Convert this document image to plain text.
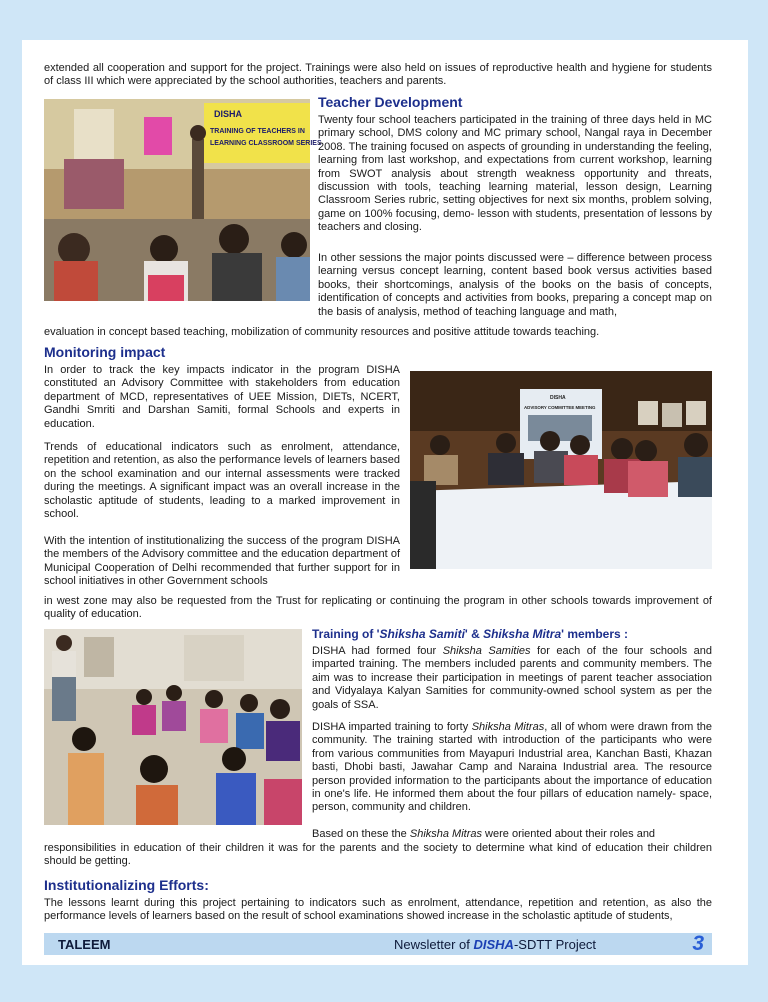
extended all cooperation and support for the project. Trainings were also held on issues of reproductive health and hygiene for students of class III which were appreciated by the school authorities, teachers and parents.
DISHA
TRAINING OF TEACHERS IN
LEARNING CLASSROOM SERIES
Teacher Development
Twenty four school teachers participated in the training of three days held in MC primary school, DMS colony and MC primary school, Nangal raya in December 2008. The training focused on aspects of grounding in understanding the feeling, learning from last workshop, and expectations from current workshop, learning from SWOT analysis about strength weakness opportunity and threats, discussion with tools, teaching learning material, lesson design, Learning Classroom Series rubric, setting objectives for next six months, problem solving, game on 100% focusing, demo- lesson with students, presentation of lessons by teachers and closing.
In other sessions the major points discussed were – difference between process learning versus concept learning, content based book versus activities based books, their shortcomings, analysis of the books on the basis of concepts, identification of concepts and activities from books, preparing a concept map on the basis of analysis, method of teaching language and math,
evaluation in concept based teaching, mobilization of community resources and positive attitude towards teaching.
Monitoring impact
In order to track the key impacts indicator in the program DISHA constituted an Advisory Committee with stakeholders from education department of MCD, representatives of UEE Mission, DIETs, NCERT, Gandhi Smriti and Darshan Samiti, formal Schools and experts in education.
Trends of educational indicators such as enrolment, attendance, repetition and retention, as also the performance levels of learners based on the school examination and our internal assessments were tracked during the meetings. A significant impact was an overall increase in the scholastic aptitude of students, leading to a marked improvement in school.
With the intention of institutionalizing the success of the program DISHA the members of the Advisory committee and the education department of Municipal Cooperation of Delhi recommended that further support for in school initiatives in other Government schools
in west zone may also be requested from the Trust for replicating or continuing the program in other schools towards improvement of quality of education.
DISHA
ADVISORY COMMITTEE MEETING
Training of 'Shiksha Samiti' & Shiksha Mitra' members :
DISHA had formed four Shiksha Samities for each of the four schools and imparted training. The members included parents and community members. The aim was to increase their participation in meetings of parent teacher association and Vidyalaya Kalyan Samities for community-owned school system as per the goals of SSA.
DISHA imparted training to forty Shiksha Mitras, all of whom were drawn from the community. The training started with introduction of the participants who were from various communities from Mayapuri Industrial area, Kanchan Basti, Khazan basti, Dhobi basti, Jawahar Camp and Naraina Industrial area. The resource person provided information to the participants about the importance of education in one's life. He informed them about the four pillars of education namely- space, person, community and children.
Based on these the Shiksha Mitras were oriented about their roles and
responsibilities in education of their children it was for the parents and the society to determine what kind of education their children should be getting.
Institutionalizing Efforts:
The lessons learnt during this project pertaining to indicators such as enrolment, attendance, repetition and retention, as also the performance levels of learners based on the result of school examinations showed increase in the scholastic aptitude of students,
TALEEM	Newsletter of DISHA-SDTT Project	3
